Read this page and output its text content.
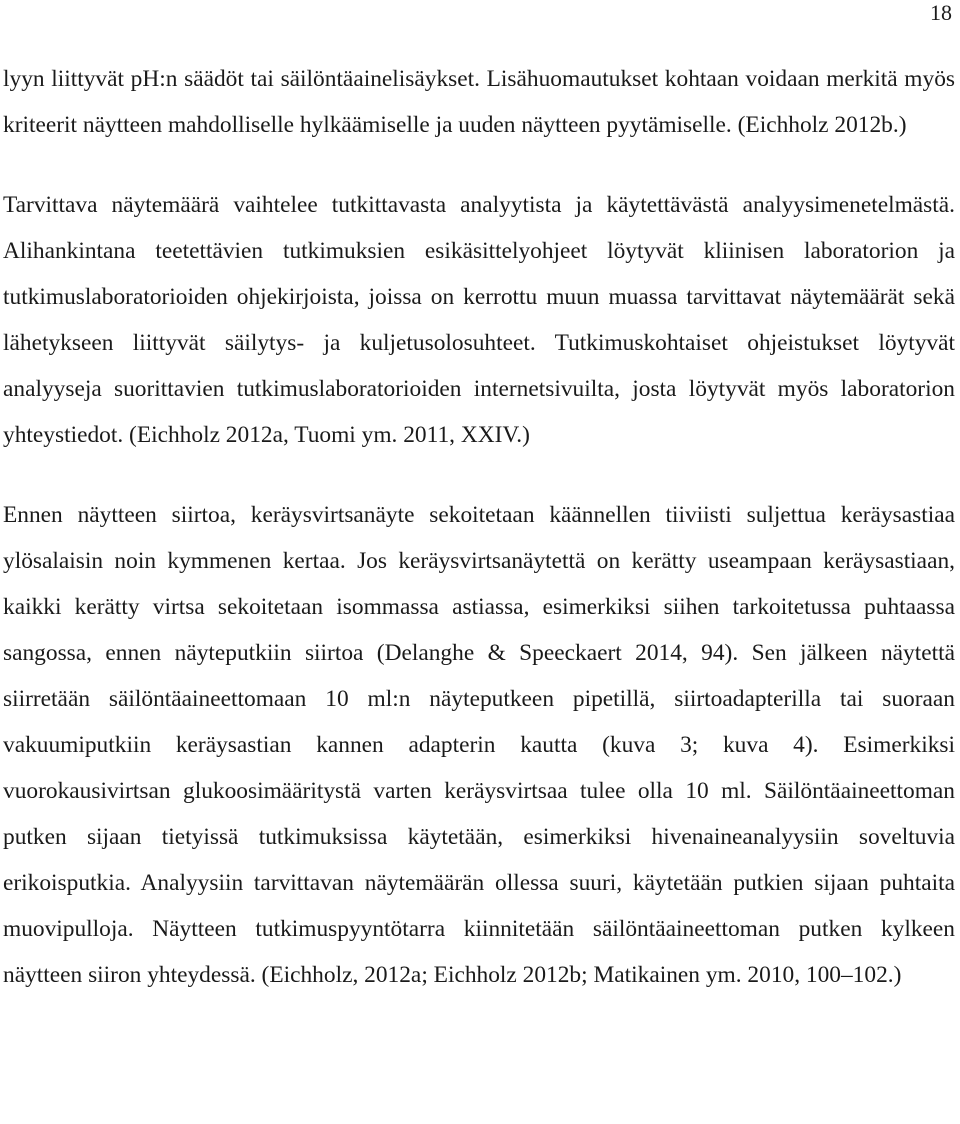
18

lyyn liittyvät pH:n säädöt tai säilöntäainelisäykset. Lisähuomautukset kohtaan voidaan merkitä myös kriteerit näytteen mahdolliselle hylkäämiselle ja uuden näytteen pyytämiselle. (Eichholz 2012b.)

Tarvittava näytemäärä vaihtelee tutkittavasta analyytista ja käytettävästä analyysimenetelmästä. Alihankintana teetettävien tutkimuksien esikäsittelyohjeet löytyvät kliinisen laboratorion ja tutkimuslaboratorioiden ohjekirjoista, joissa on kerrottu muun muassa tarvittavat näytemäärät sekä lähetykseen liittyvät säilytys- ja kuljetusolosuhteet. Tutkimuskohtaiset ohjeistukset löytyvät analyyseja suorittavien tutkimuslaboratorioiden internetsivuilta, josta löytyvät myös laboratorion yhteystiedot. (Eichholz 2012a, Tuomi ym. 2011, XXIV.)

Ennen näytteen siirtoa, keräysvirtsanäyte sekoitetaan käännellen tiiviisti suljettua keräysastiaa ylösalaisin noin kymmenen kertaa. Jos keräysvirtsanäytettä on kerätty useampaan keräysastiaan, kaikki kerätty virtsa sekoitetaan isommassa astiassa, esimerkiksi siihen tarkoitetussa puhtaassa sangossa, ennen näyteputkiin siirtoa (Delanghe & Speeckaert 2014, 94). Sen jälkeen näytettä siirretään säilöntäaineettomaan 10 ml:n näyteputkeen pipetillä, siirtoadapterilla tai suoraan vakuumiputkiin keräysastian kannen adapterin kautta (kuva 3; kuva 4). Esimerkiksi vuorokausivirtsan glukoosimääritystä varten keräysvirtsaa tulee olla 10 ml. Säilöntäaineettoman putken sijaan tietyissä tutkimuksissa käytetään, esimerkiksi hivenaineanalyysiin soveltuvia erikoisputkia. Analyysiin tarvittavan näytemäärän ollessa suuri, käytetään putkien sijaan puhtaita muovipulloja. Näytteen tutkimuspyyntötarra kiinnitetään säilöntäaineettoman putken kylkeen näytteen siiron yhteydessä. (Eichholz, 2012a; Eichholz 2012b; Matikainen ym. 2010, 100–102.)
